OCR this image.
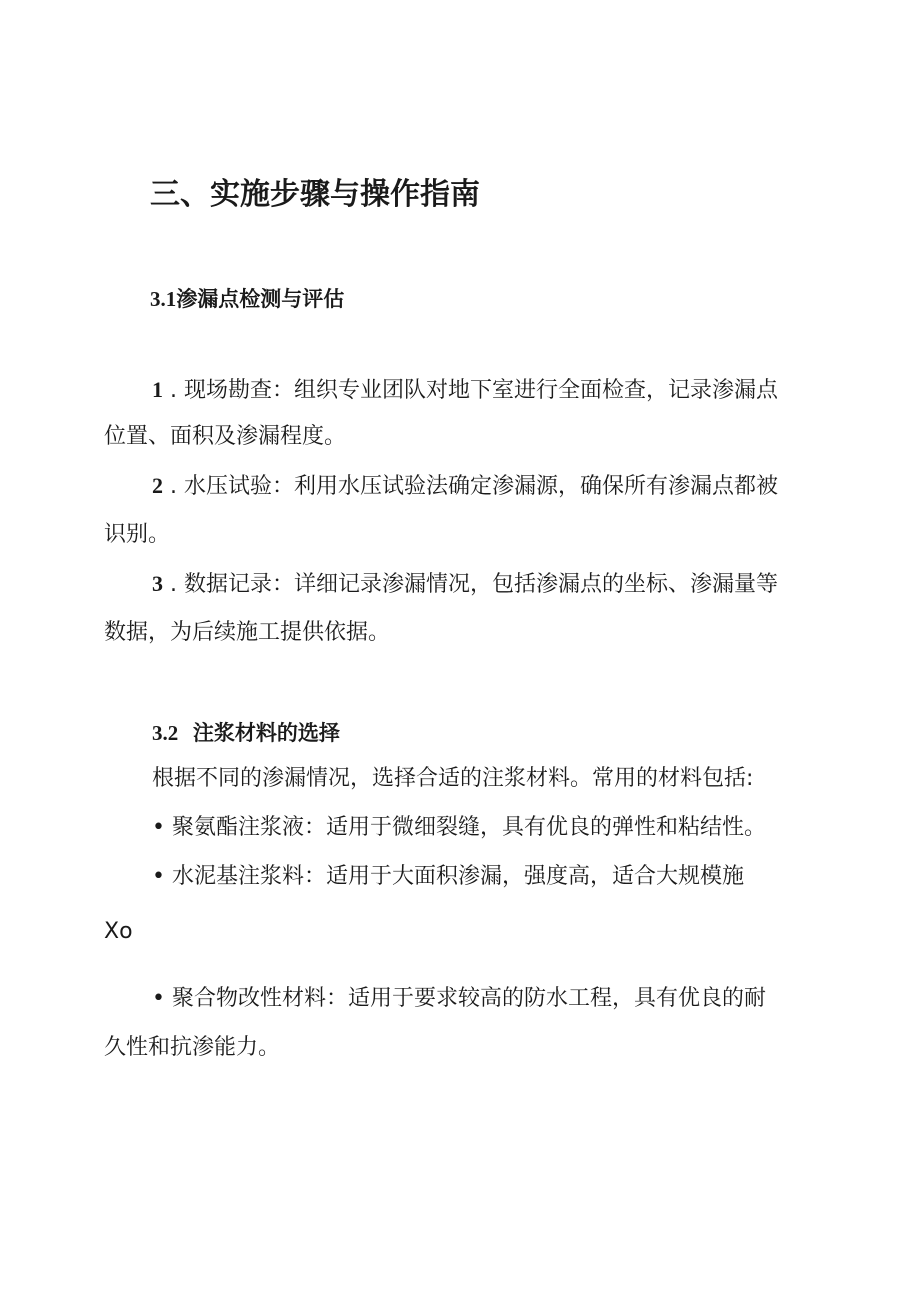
三、实施步骤与操作指南
3.1渗漏点检测与评估
1 . 现场勘查：组织专业团队对地下室进行全面检查，记录渗漏点
位置、面积及渗漏程度。
2 . 水压试验：利用水压试验法确定渗漏源，确保所有渗漏点都被
识别。
3 . 数据记录：详细记录渗漏情况，包括渗漏点的坐标、渗漏量等
数据，为后续施工提供依据。
3.2 注浆材料的选择
根据不同的渗漏情况，选择合适的注浆材料。常用的材料包括:
• 聚氨酯注浆液：适用于微细裂缝，具有优良的弹性和粘结性。
• 水泥基注浆料：适用于大面积渗漏，强度高，适合大规模施
Xo
• 聚合物改性材料：适用于要求较高的防水工程，具有优良的耐
久性和抗渗能力。
